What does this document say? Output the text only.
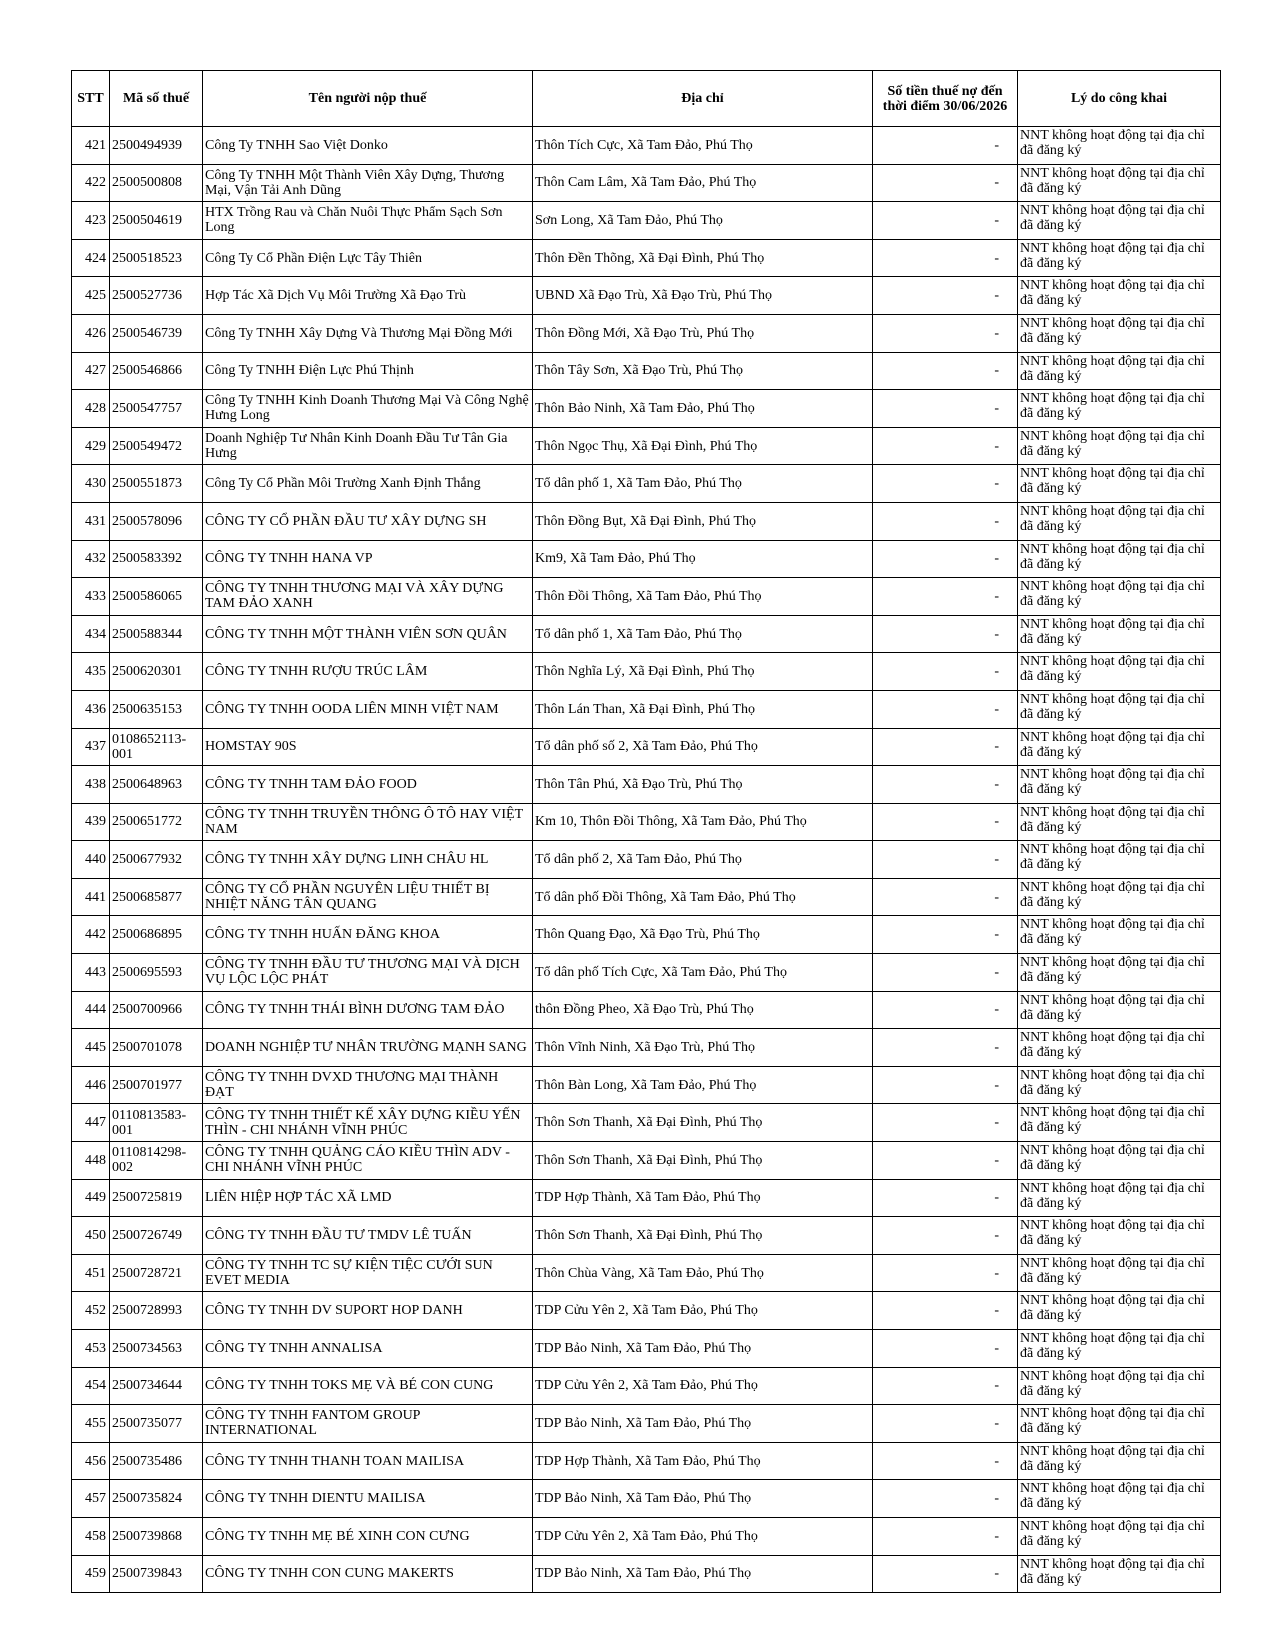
STT	Mã số thuế	Tên người nộp thuế	Địa chỉ	Số tiền thuế nợ đến thời điểm 30/06/2026	Lý do công khai
421	2500494939	Công Ty TNHH Sao Việt Donko	Thôn Tích Cực, Xã Tam Đảo, Phú Thọ	-	NNT không hoạt động tại địa chỉ đã đăng ký
422	2500500808	Công Ty TNHH Một Thành Viên Xây Dựng, Thương Mại, Vận Tải Anh Dũng	Thôn Cam Lâm, Xã Tam Đảo, Phú Thọ	-	NNT không hoạt động tại địa chỉ đã đăng ký
423	2500504619	HTX Trồng Rau và Chăn Nuôi Thực Phẩm Sạch Sơn Long	Sơn Long, Xã Tam Đảo, Phú Thọ	-	NNT không hoạt động tại địa chỉ đã đăng ký
424	2500518523	Công Ty Cổ Phần Điện Lực Tây Thiên	Thôn Đền Thõng, Xã Đại Đình, Phú Thọ	-	NNT không hoạt động tại địa chỉ đã đăng ký
425	2500527736	Hợp Tác Xã Dịch Vụ Môi Trường Xã Đạo Trù	UBND Xã Đạo Trù, Xã Đạo Trù, Phú Thọ	-	NNT không hoạt động tại địa chỉ đã đăng ký
426	2500546739	Công Ty TNHH Xây Dựng Và Thương Mại Đồng Mới	Thôn Đồng Mới, Xã Đạo Trù, Phú Thọ	-	NNT không hoạt động tại địa chỉ đã đăng ký
427	2500546866	Công Ty TNHH Điện Lực Phú Thịnh	Thôn Tây Sơn, Xã Đạo Trù, Phú Thọ	-	NNT không hoạt động tại địa chỉ đã đăng ký
428	2500547757	Công Ty TNHH Kinh Doanh Thương Mại Và Công Nghệ Hưng Long	Thôn Bảo Ninh, Xã Tam Đảo, Phú Thọ	-	NNT không hoạt động tại địa chỉ đã đăng ký
429	2500549472	Doanh Nghiệp Tư Nhân Kinh Doanh Đầu Tư Tân Gia Hưng	Thôn Ngọc Thụ, Xã Đại Đình, Phú Thọ	-	NNT không hoạt động tại địa chỉ đã đăng ký
430	2500551873	Công Ty Cổ Phần Môi Trường Xanh Định Thắng	Tổ dân phố 1, Xã Tam Đảo, Phú Thọ	-	NNT không hoạt động tại địa chỉ đã đăng ký
431	2500578096	CÔNG TY CỔ PHẦN ĐẦU TƯ XÂY DỰNG SH	Thôn Đồng Bụt, Xã Đại Đình, Phú Thọ	-	NNT không hoạt động tại địa chỉ đã đăng ký
432	2500583392	CÔNG TY TNHH HANA VP	Km9, Xã Tam Đảo, Phú Thọ	-	NNT không hoạt động tại địa chỉ đã đăng ký
433	2500586065	CÔNG TY TNHH THƯƠNG MẠI VÀ XÂY DỰNG TAM ĐẢO XANH	Thôn Đồi Thông, Xã Tam Đảo, Phú Thọ	-	NNT không hoạt động tại địa chỉ đã đăng ký
434	2500588344	CÔNG TY TNHH MỘT THÀNH VIÊN SƠN QUÂN	Tổ dân phố 1, Xã Tam Đảo, Phú Thọ	-	NNT không hoạt động tại địa chỉ đã đăng ký
435	2500620301	CÔNG TY TNHH RƯỢU TRÚC LÂM	Thôn Nghĩa Lý, Xã Đại Đình, Phú Thọ	-	NNT không hoạt động tại địa chỉ đã đăng ký
436	2500635153	CÔNG TY TNHH OODA LIÊN MINH VIỆT NAM	Thôn Lán Than, Xã Đại Đình, Phú Thọ	-	NNT không hoạt động tại địa chỉ đã đăng ký
437	0108652113-001	HOMSTAY 90S	Tổ dân phố số 2, Xã Tam Đảo, Phú Thọ	-	NNT không hoạt động tại địa chỉ đã đăng ký
438	2500648963	CÔNG TY TNHH TAM ĐẢO FOOD	Thôn Tân Phú, Xã Đạo Trù, Phú Thọ	-	NNT không hoạt động tại địa chỉ đã đăng ký
439	2500651772	CÔNG TY TNHH TRUYỀN THÔNG Ô TÔ HAY VIỆT NAM	Km 10, Thôn Đồi Thông, Xã Tam Đảo, Phú Thọ	-	NNT không hoạt động tại địa chỉ đã đăng ký
440	2500677932	CÔNG TY TNHH XÂY DỰNG LINH CHÂU HL	Tổ dân phố 2, Xã Tam Đảo, Phú Thọ	-	NNT không hoạt động tại địa chỉ đã đăng ký
441	2500685877	CÔNG TY CỔ PHẦN NGUYÊN LIỆU THIẾT BỊ NHIỆT NĂNG TÂN QUANG	Tổ dân phố Đồi Thông, Xã Tam Đảo, Phú Thọ	-	NNT không hoạt động tại địa chỉ đã đăng ký
442	2500686895	CÔNG TY TNHH HUẤN ĐĂNG KHOA	Thôn Quang Đạo, Xã Đạo Trù, Phú Thọ	-	NNT không hoạt động tại địa chỉ đã đăng ký
443	2500695593	CÔNG TY TNHH ĐẦU TƯ THƯƠNG MẠI VÀ DỊCH VỤ LỘC LỘC PHÁT	Tổ dân phố Tích Cực, Xã Tam Đảo, Phú Thọ	-	NNT không hoạt động tại địa chỉ đã đăng ký
444	2500700966	CÔNG TY TNHH THÁI BÌNH DƯƠNG TAM ĐẢO	thôn Đồng Pheo, Xã Đạo Trù, Phú Thọ	-	NNT không hoạt động tại địa chỉ đã đăng ký
445	2500701078	DOANH NGHIỆP TƯ NHÂN TRƯỜNG MẠNH SANG	Thôn Vĩnh Ninh, Xã Đạo Trù, Phú Thọ	-	NNT không hoạt động tại địa chỉ đã đăng ký
446	2500701977	CÔNG TY TNHH DVXD THƯƠNG MẠI THÀNH ĐẠT	Thôn Bàn Long, Xã Tam Đảo, Phú Thọ	-	NNT không hoạt động tại địa chỉ đã đăng ký
447	0110813583-001	CÔNG TY TNHH THIẾT KẾ XÂY DỰNG KIỀU YẾN THÌN - CHI NHÁNH VĨNH PHÚC	Thôn Sơn Thanh, Xã Đại Đình, Phú Thọ	-	NNT không hoạt động tại địa chỉ đã đăng ký
448	0110814298-002	CÔNG TY TNHH QUẢNG CÁO KIỀU THÌN ADV - CHI NHÁNH VĨNH PHÚC	Thôn Sơn Thanh, Xã Đại Đình, Phú Thọ	-	NNT không hoạt động tại địa chỉ đã đăng ký
449	2500725819	LIÊN HIỆP HỢP TÁC XÃ LMD	TDP Hợp Thành, Xã Tam Đảo, Phú Thọ	-	NNT không hoạt động tại địa chỉ đã đăng ký
450	2500726749	CÔNG TY TNHH ĐẦU TƯ TMDV LÊ TUẤN	Thôn Sơn Thanh, Xã Đại Đình, Phú Thọ	-	NNT không hoạt động tại địa chỉ đã đăng ký
451	2500728721	CÔNG TY TNHH TC SỰ KIỆN TIỆC CƯỚI SUN EVET MEDIA	Thôn Chùa Vàng, Xã Tam Đảo, Phú Thọ	-	NNT không hoạt động tại địa chỉ đã đăng ký
452	2500728993	CÔNG TY TNHH DV SUPORT HOP DANH	TDP Cửu Yên 2, Xã Tam Đảo, Phú Thọ	-	NNT không hoạt động tại địa chỉ đã đăng ký
453	2500734563	CÔNG TY TNHH ANNALISA	TDP Bảo Ninh, Xã Tam Đảo, Phú Thọ	-	NNT không hoạt động tại địa chỉ đã đăng ký
454	2500734644	CÔNG TY TNHH TOKS MẸ VÀ BÉ CON CUNG	TDP Cửu Yên 2, Xã Tam Đảo, Phú Thọ	-	NNT không hoạt động tại địa chỉ đã đăng ký
455	2500735077	CÔNG TY TNHH FANTOM GROUP INTERNATIONAL	TDP Bảo Ninh, Xã Tam Đảo, Phú Thọ	-	NNT không hoạt động tại địa chỉ đã đăng ký
456	2500735486	CÔNG TY TNHH THANH TOAN MAILISA	TDP Hợp Thành, Xã Tam Đảo, Phú Thọ	-	NNT không hoạt động tại địa chỉ đã đăng ký
457	2500735824	CÔNG TY TNHH DIENTU MAILISA	TDP Bảo Ninh, Xã Tam Đảo, Phú Thọ	-	NNT không hoạt động tại địa chỉ đã đăng ký
458	2500739868	CÔNG TY TNHH MẸ BÉ XINH CON CƯNG	TDP Cửu Yên 2, Xã Tam Đảo, Phú Thọ	-	NNT không hoạt động tại địa chỉ đã đăng ký
459	2500739843	CÔNG TY TNHH CON CUNG MAKERTS	TDP Bảo Ninh, Xã Tam Đảo, Phú Thọ	-	NNT không hoạt động tại địa chỉ đã đăng ký
